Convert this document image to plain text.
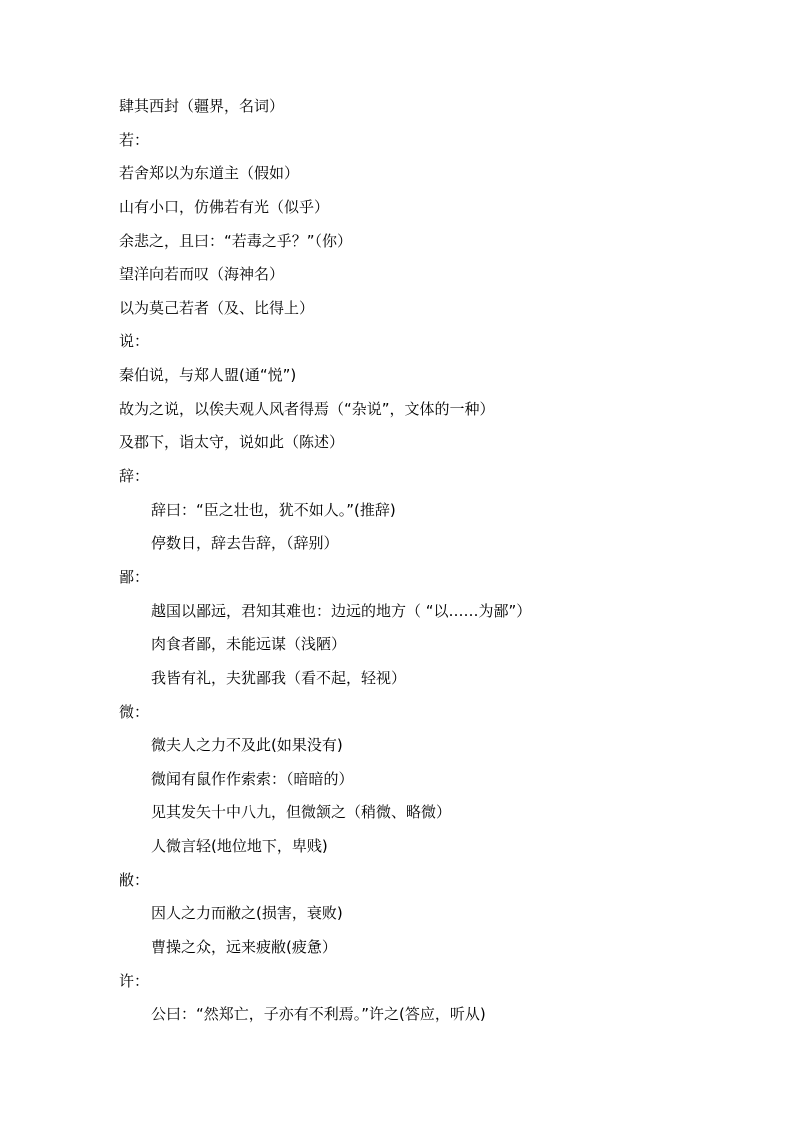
肆其西封（疆界，名词）
若：
若舍郑以为东道主（假如）
山有小口，仿佛若有光（似乎）
余悲之，且曰：“若毒之乎？”（你）
望洋向若而叹（海神名）
以为莫己若者（及、比得上）
说：
秦伯说，与郑人盟(通“悦”)
故为之说，以俟夫观人风者得焉（“杂说”，文体的一种）
及郡下，诣太守，说如此（陈述）
辞：
辞曰：“臣之壮也，犹不如人。”(推辞)
停数日，辞去告辞，（辞别）
鄙：
越国以鄙远，君知其难也：边远的地方（ “以……为鄙”）
肉食者鄙，未能远谋（浅陋）
我皆有礼，夫犹鄙我（看不起，轻视）
微：
微夫人之力不及此(如果没有)
微闻有鼠作作索索：（暗暗的）
见其发矢十中八九，但微颔之（稍微、略微）
人微言轻(地位地下，卑贱)
敝：
因人之力而敝之(损害，衰败)
曹操之众，远来疲敝(疲惫）
许：
公曰：“然郑亡，子亦有不利焉。”许之(答应，听从)
